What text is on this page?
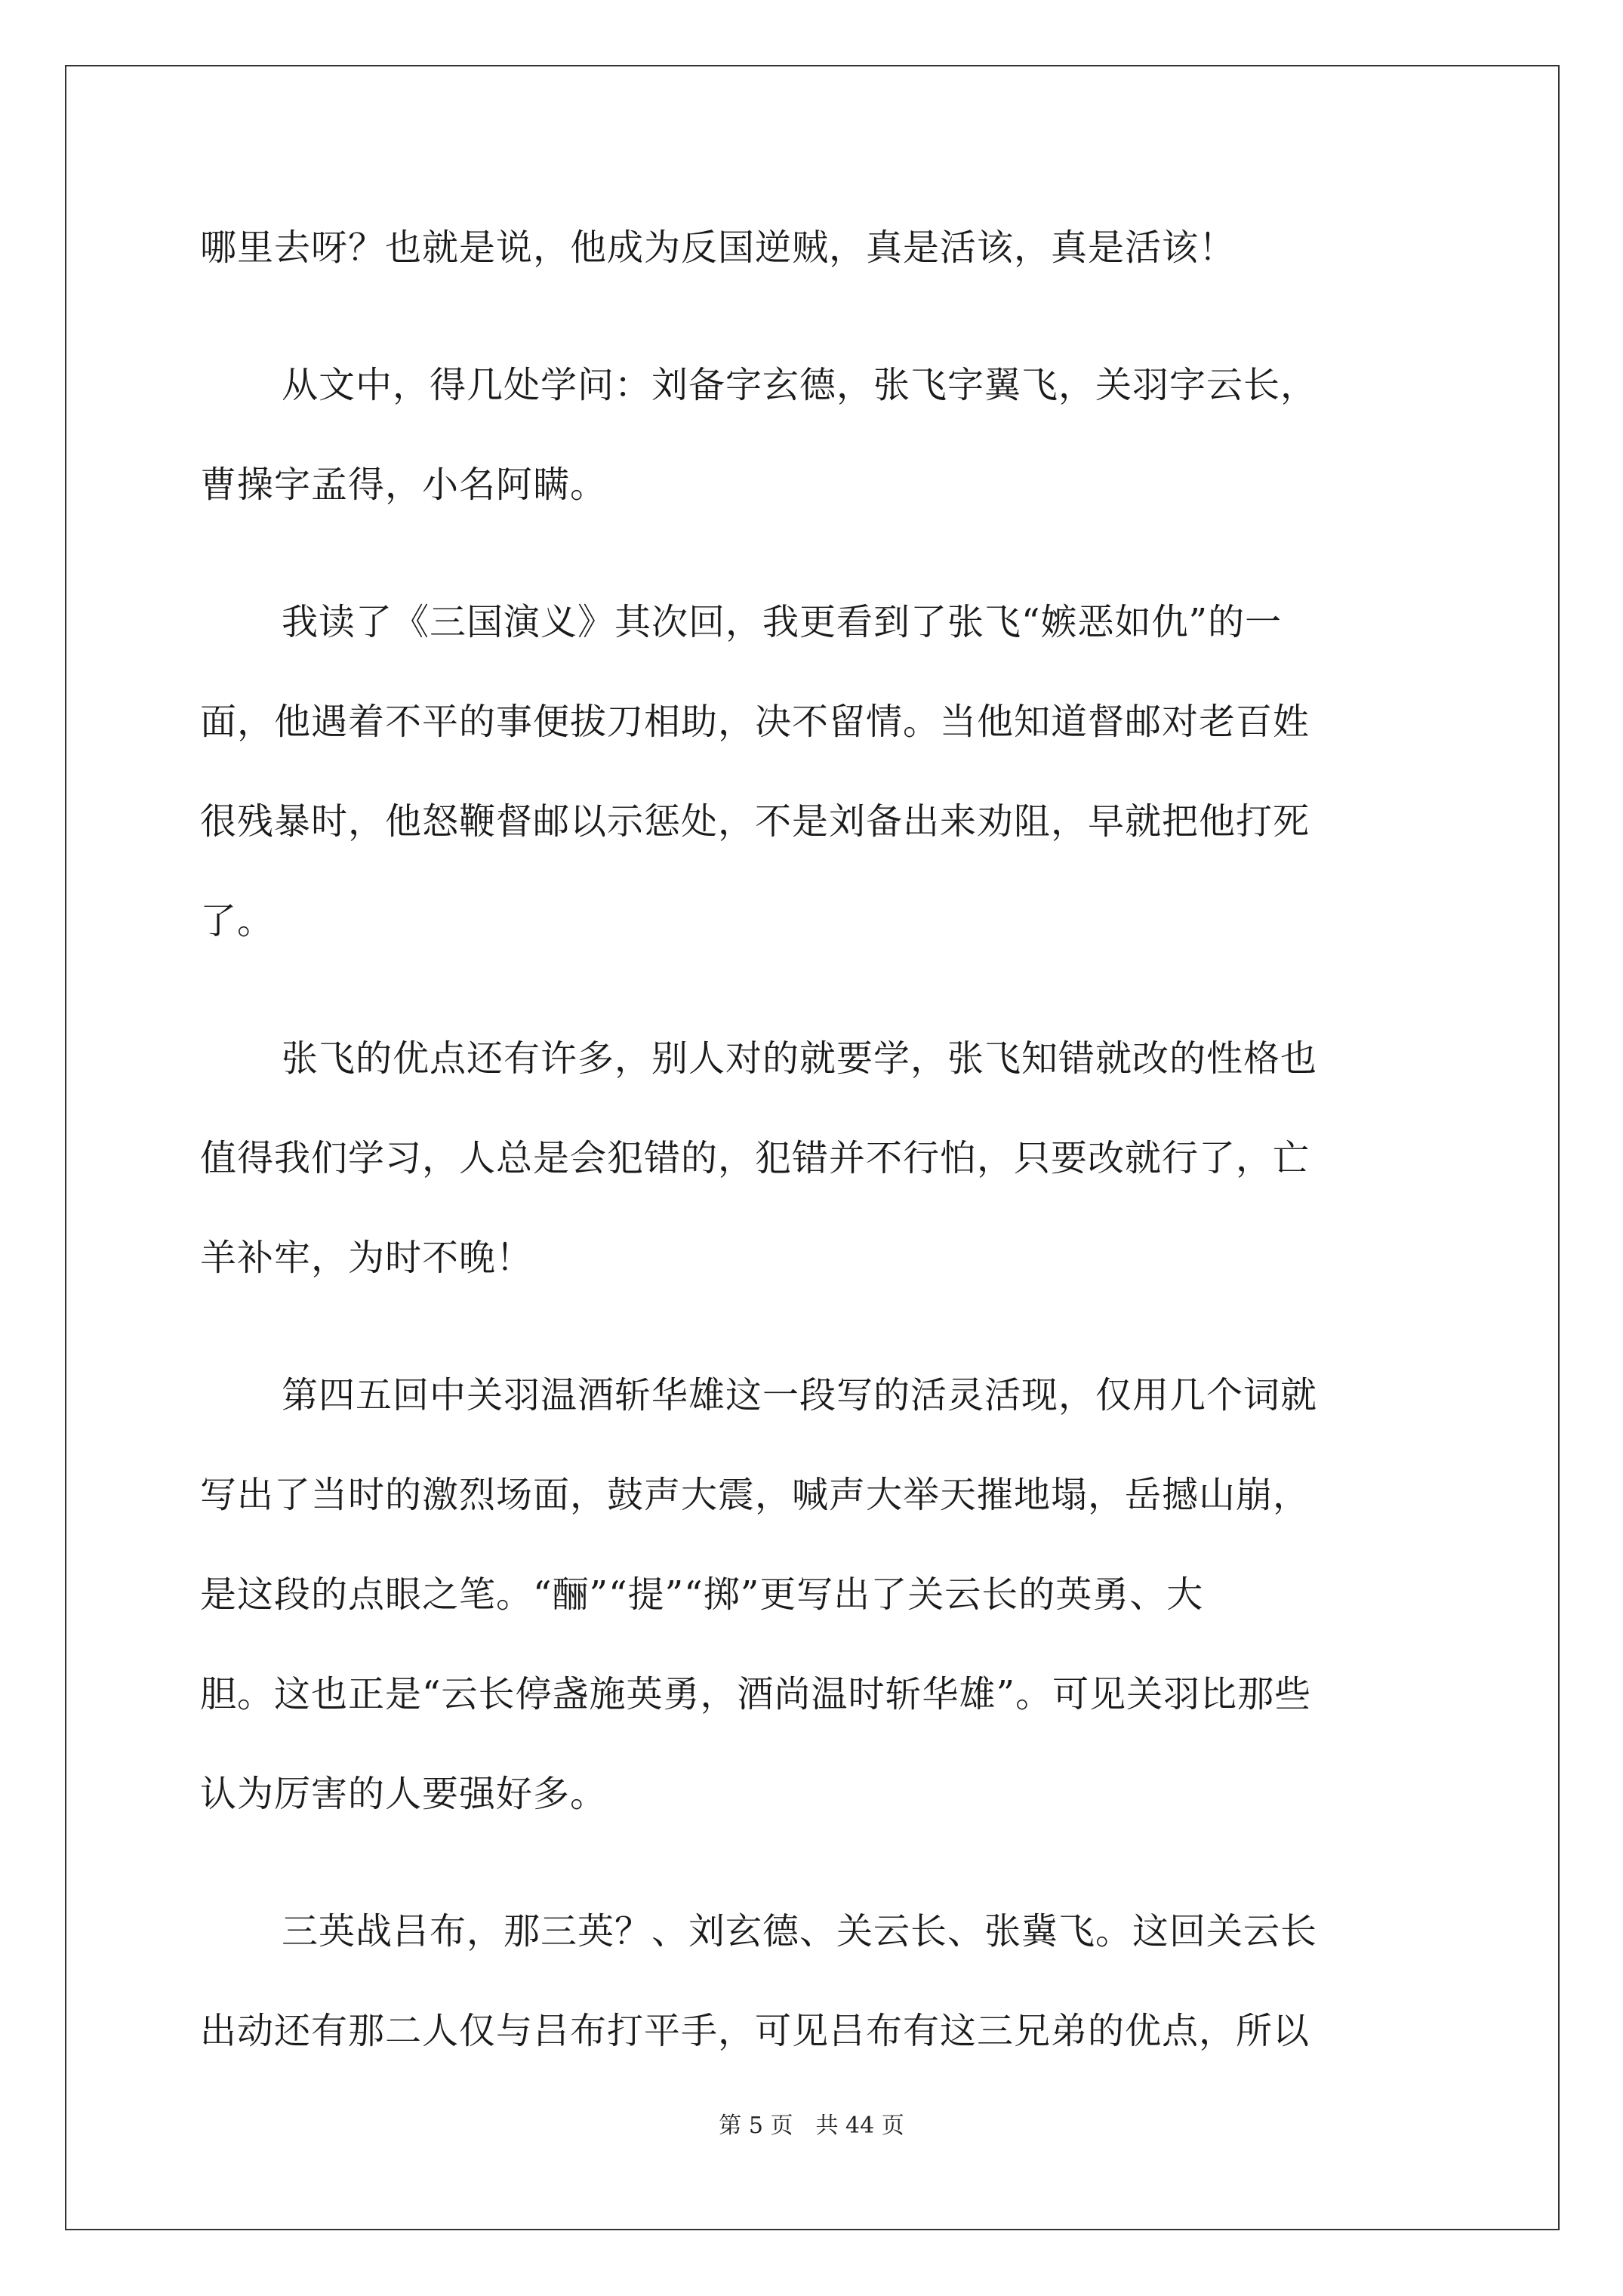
哪里去呀？也就是说，他成为反国逆贼，真是活该，真是活该！
从文中，得几处学问：刘备字玄德，张飞字翼飞，关羽字云长，
曹操字孟得，小名阿瞒。
我读了《三国演义》其次回，我更看到了张飞“嫉恶如仇”的一
面，他遇着不平的事便拔刀相助，决不留情。当他知道督邮对老百姓
很残暴时，他怒鞭督邮以示惩处，不是刘备出来劝阻，早就把他打死
了。
张飞的优点还有许多，别人对的就要学，张飞知错就改的性格也
值得我们学习，人总是会犯错的，犯错并不行怕，只要改就行了，亡
羊补牢，为时不晚！
第四五回中关羽温酒斩华雄这一段写的活灵活现，仅用几个词就
写出了当时的激烈场面，鼓声大震，喊声大举天摧地塌，岳撼山崩，
是这段的点眼之笔。“酾”“提”“掷”更写出了关云长的英勇、大
胆。这也正是“云长停盏施英勇，酒尚温时斩华雄”。可见关羽比那些
认为厉害的人要强好多。
三英战吕布，那三英？、刘玄德、关云长、张冀飞。这回关云长
出动还有那二人仅与吕布打平手，可见吕布有这三兄弟的优点，所以
第 5 页 共 44 页
